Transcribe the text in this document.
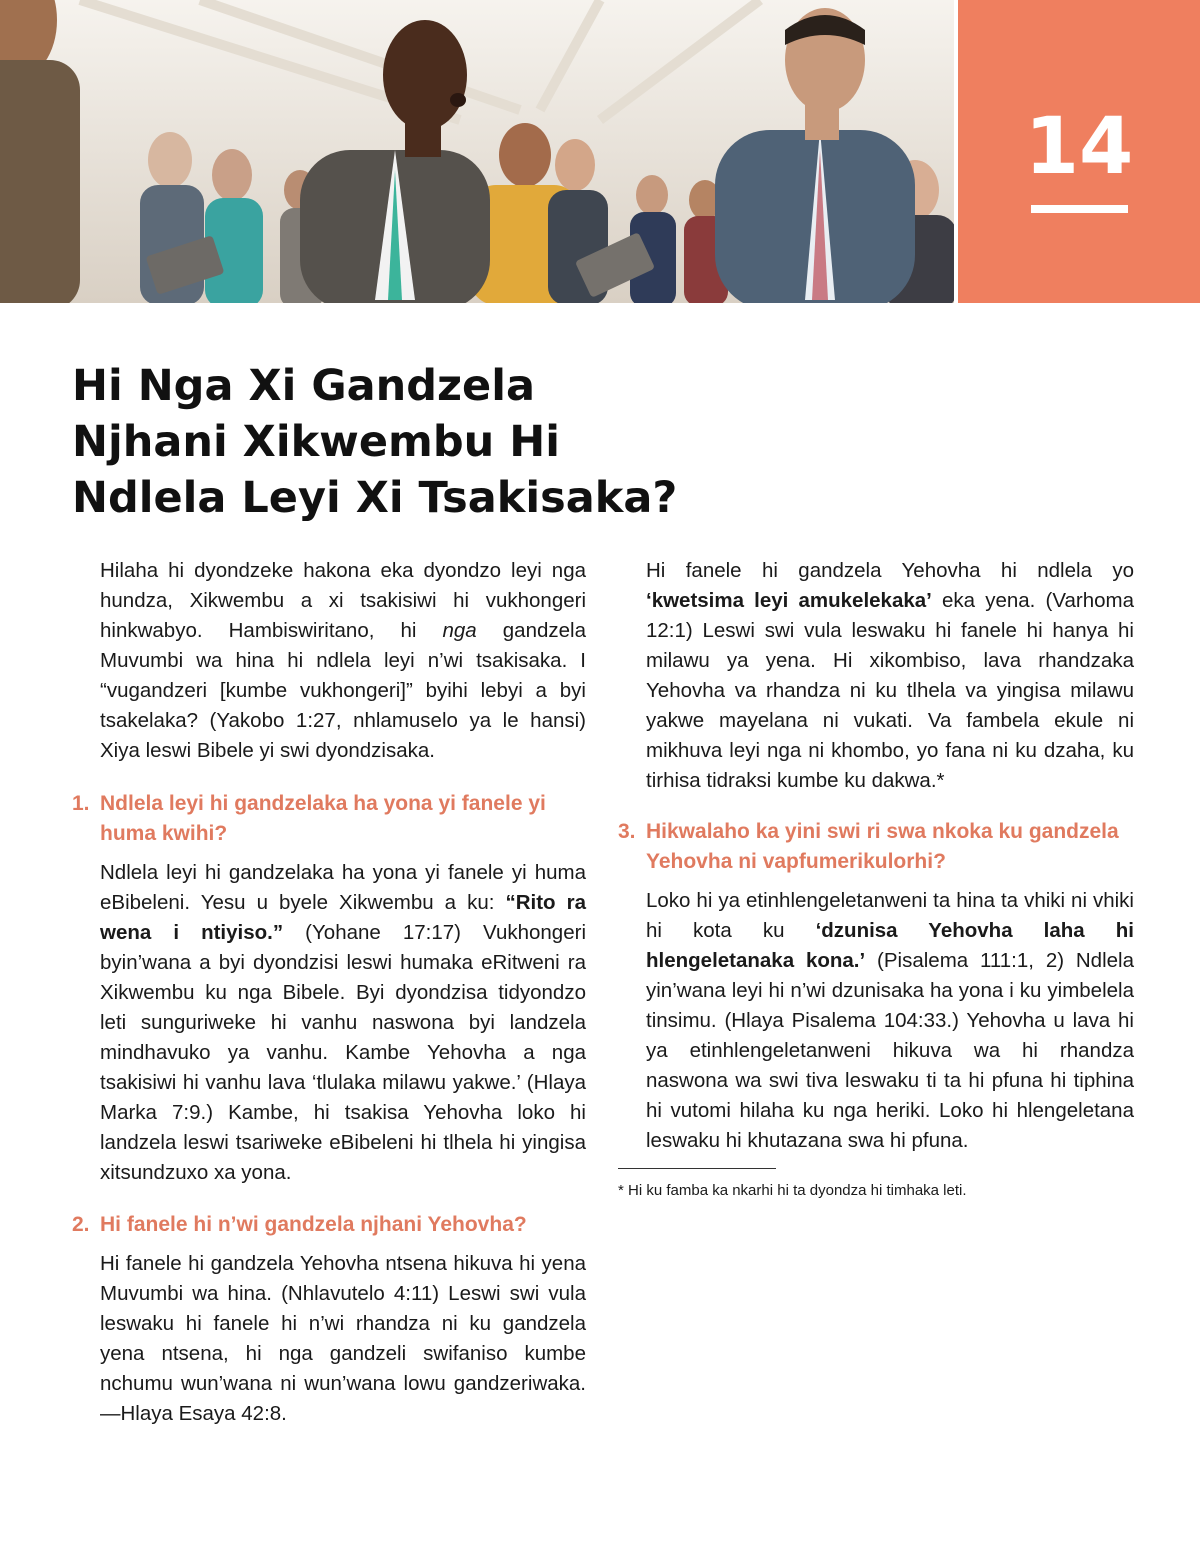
14
Hi Nga Xi Gandzela
Njhani Xikwembu Hi
Ndlela Leyi Xi Tsakisaka?

Hilaha hi dyondzeke hakona eka dyondzo leyi nga hundza, Xikwembu a xi tsakisiwi hi vukhongeri hinkwabyo. Hambiswiritano, hi nga gandzela Muvumbi wa hina hi ndlela leyi n’wi tsakisaka. I “vugandzeri [kumbe vukhongeri]” byihi lebyi a byi tsakelaka? (Yakobo 1:27, nhlamuselo ya le hansi) Xiya leswi Bibele yi swi dyondzisaka.

1. Ndlela leyi hi gandzelaka ha yona yi fanele yi huma kwihi?

Ndlela leyi hi gandzelaka ha yona yi fanele yi huma eBibeleni. Yesu u byele Xikwembu a ku: “Rito ra wena i ntiyiso.” (Yohane 17:17) Vukhongeri byin’wana a byi dyondzisi leswi humaka eRitweni ra Xikwembu ku nga Bibele. Byi dyondzisa tidyondzo leti sunguriweke hi vanhu naswona byi landzela mindhavuko ya vanhu. Kambe Yehovha a nga tsakisiwi hi vanhu lava ‘tlulaka milawu yakwe.’ (Hlaya Marka 7:9.) Kambe, hi tsakisa Yehovha loko hi landzela leswi tsariweke eBibeleni hi tlhela hi yingisa xitsundzuxo xa yona.

2. Hi fanele hi n’wi gandzela njhani Yehovha?

Hi fanele hi gandzela Yehovha ntsena hikuva hi yena Muvumbi wa hina. (Nhlavutelo 4:11) Leswi swi vula leswaku hi fanele hi n’wi rhandza ni ku gandzela yena ntsena, hi nga gandzeli swifaniso kumbe nchumu wun’wana ni wun’wana lowu gandzeriwaka.—Hlaya Esaya 42:8.

Hi fanele hi gandzela Yehovha hi ndlela yo ‘kwetsima leyi amukelekaka’ eka yena. (Varhoma 12:1) Leswi swi vula leswaku hi fanele hi hanya hi milawu ya yena. Hi xikombiso, lava rhandzaka Yehovha va rhandza ni ku tlhela va yingisa milawu yakwe mayelana ni vukati. Va fambela ekule ni mikhuva leyi nga ni khombo, yo fana ni ku dzaha, ku tirhisa tidraksi kumbe ku dakwa.*

3. Hikwalaho ka yini swi ri swa nkoka ku gandzela Yehovha ni vapfumerikulorhi?

Loko hi ya etinhlengeletanweni ta hina ta vhiki ni vhiki hi kota ku ‘dzunisa Yehovha laha hi hlengeletanaka kona.’ (Pisalema 111:1, 2) Ndlela yin’wana leyi hi n’wi dzunisaka ha yona i ku yimbelela tinsimu. (Hlaya Pisalema 104:33.) Yehovha u lava hi ya etinhlengeletanweni hikuva wa hi rhandza naswona wa swi tiva leswaku ti ta hi pfuna hi tiphina hi vutomi hilaha ku nga heriki. Loko hi hlengeletana leswaku hi khutazana swa hi pfuna.

* Hi ku famba ka nkarhi hi ta dyondza hi timhaka leti.
